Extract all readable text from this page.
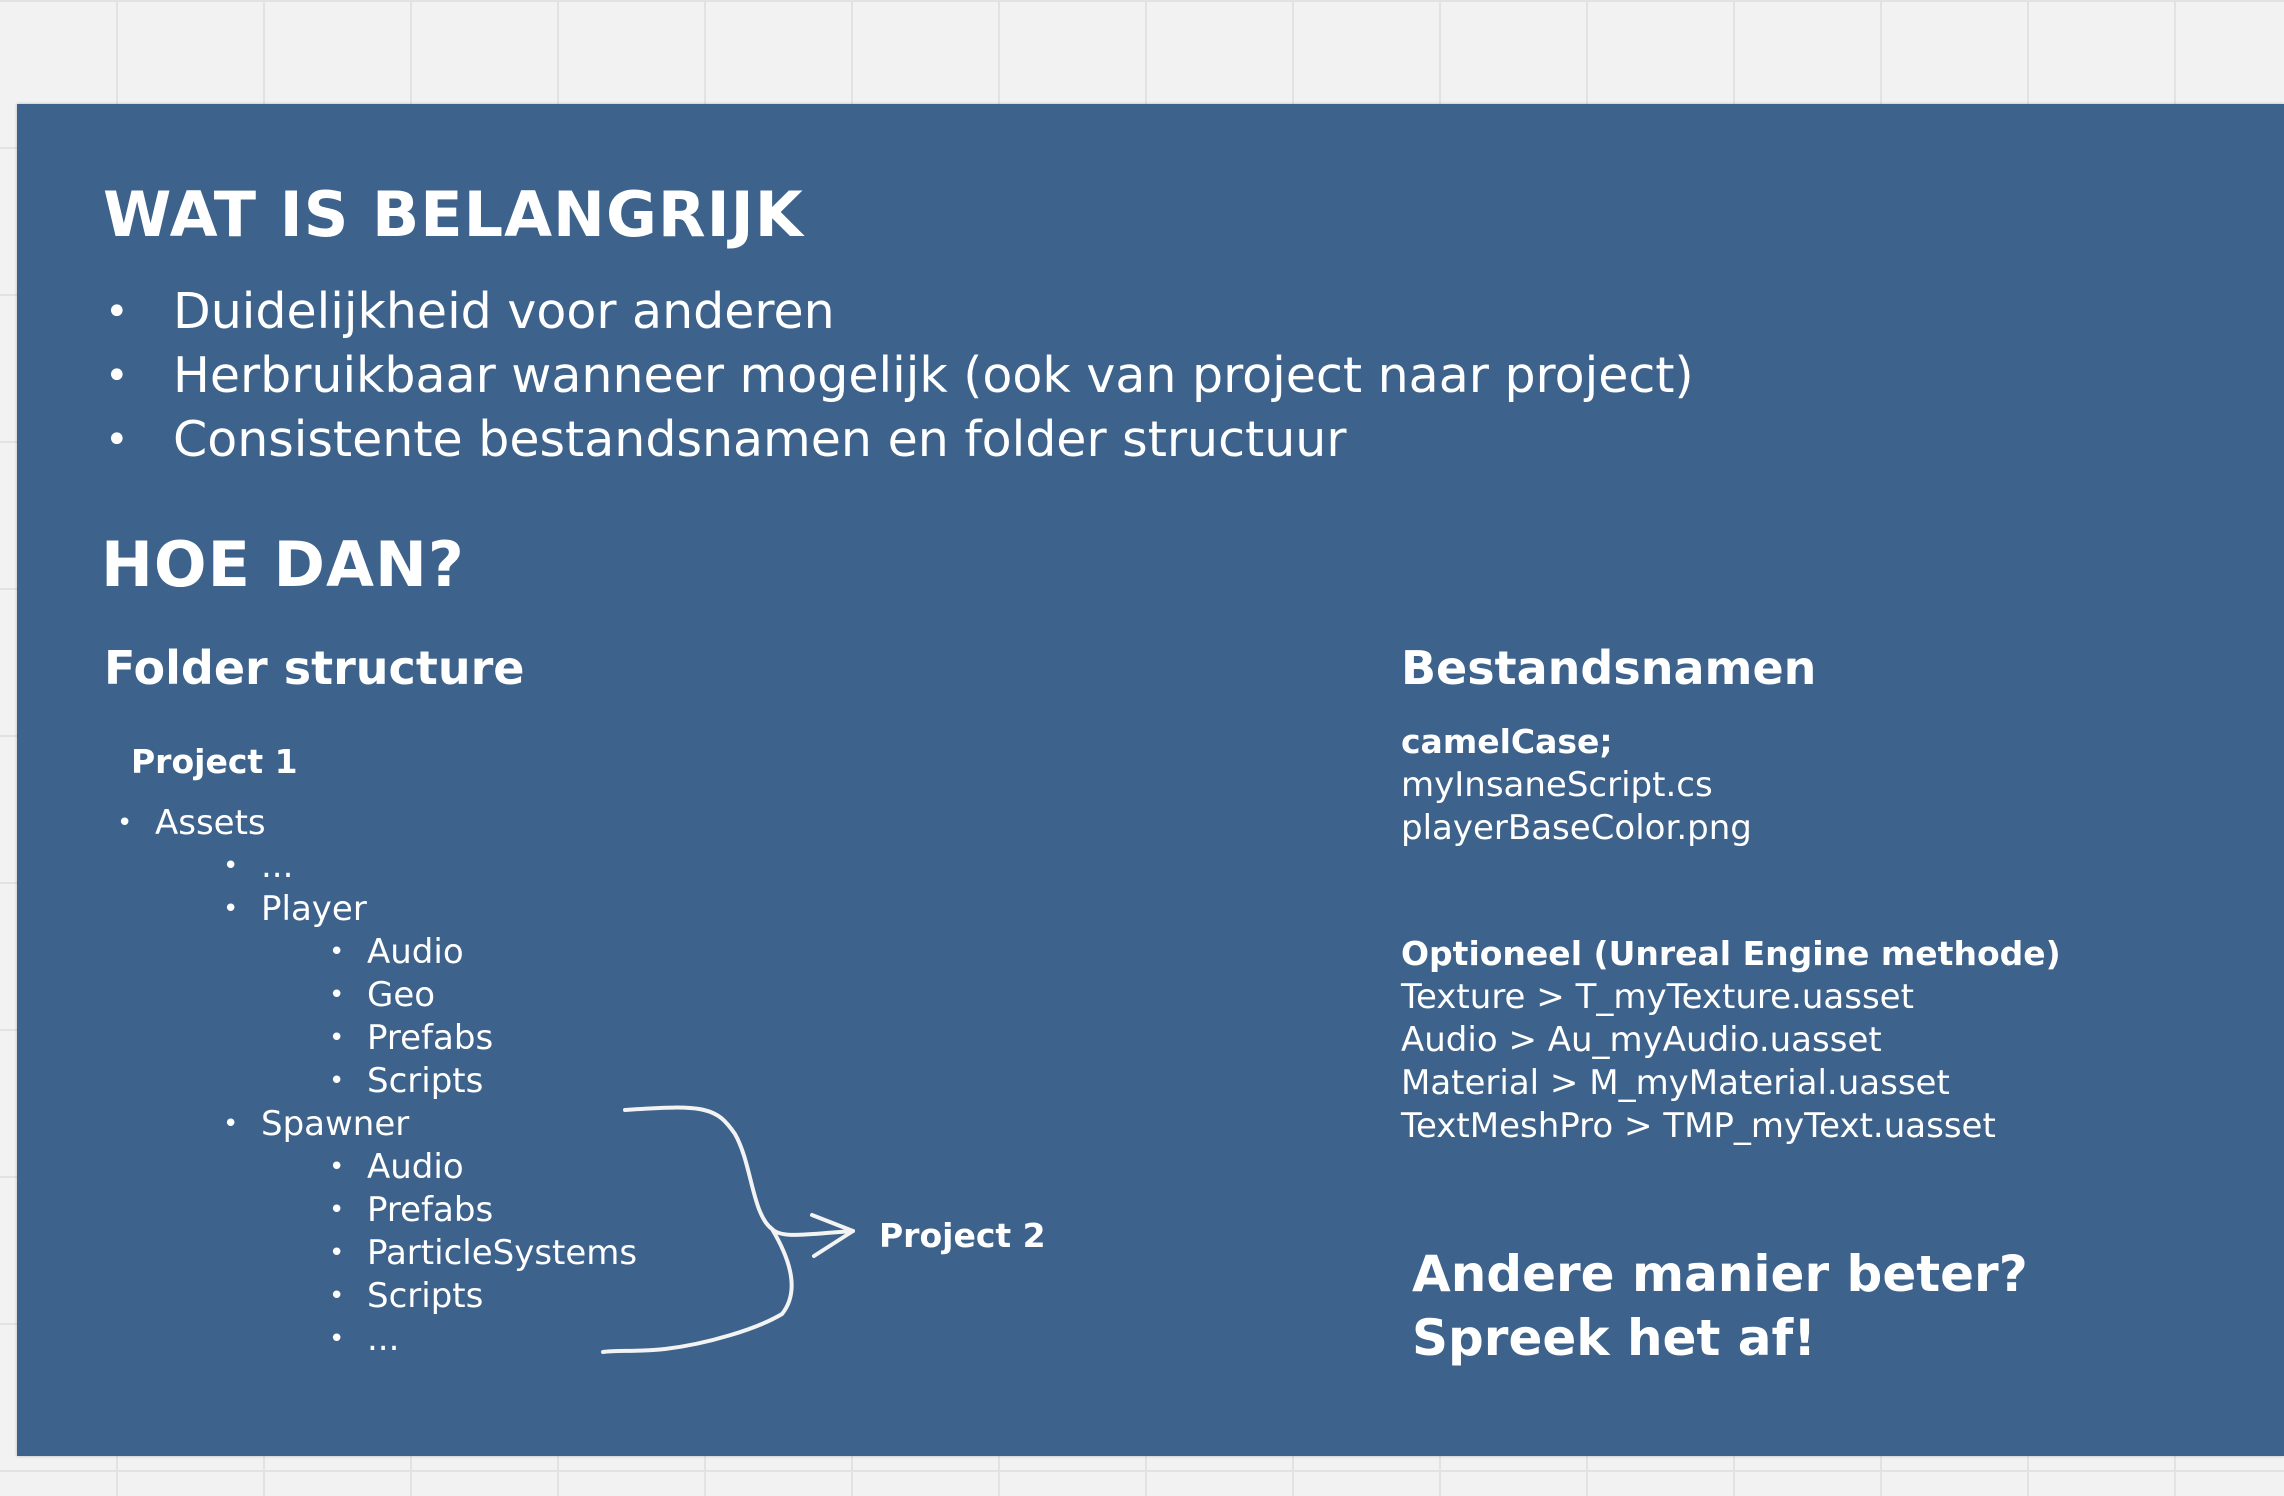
WAT IS BELANGRIJK
• Duidelijkheid voor anderen
• Herbruikbaar wanneer mogelijk (ook van project naar project)
• Consistente bestandsnamen en folder structuur
HOE DAN?
Folder structure
Project 1
• Assets
• ...
• Player
• Audio
• Geo
• Prefabs
• Scripts
• Spawner
• Audio
• Prefabs
• ParticleSystems
• Scripts
• ...
Project 2
Bestandsnamen
camelCase;
myInsaneScript.cs
playerBaseColor.png
Optioneel (Unreal Engine methode)
Texture > T_myTexture.uasset
Audio > Au_myAudio.uasset
Material > M_myMaterial.uasset
TextMeshPro > TMP_myText.uasset
Andere manier beter?
Spreek het af!
